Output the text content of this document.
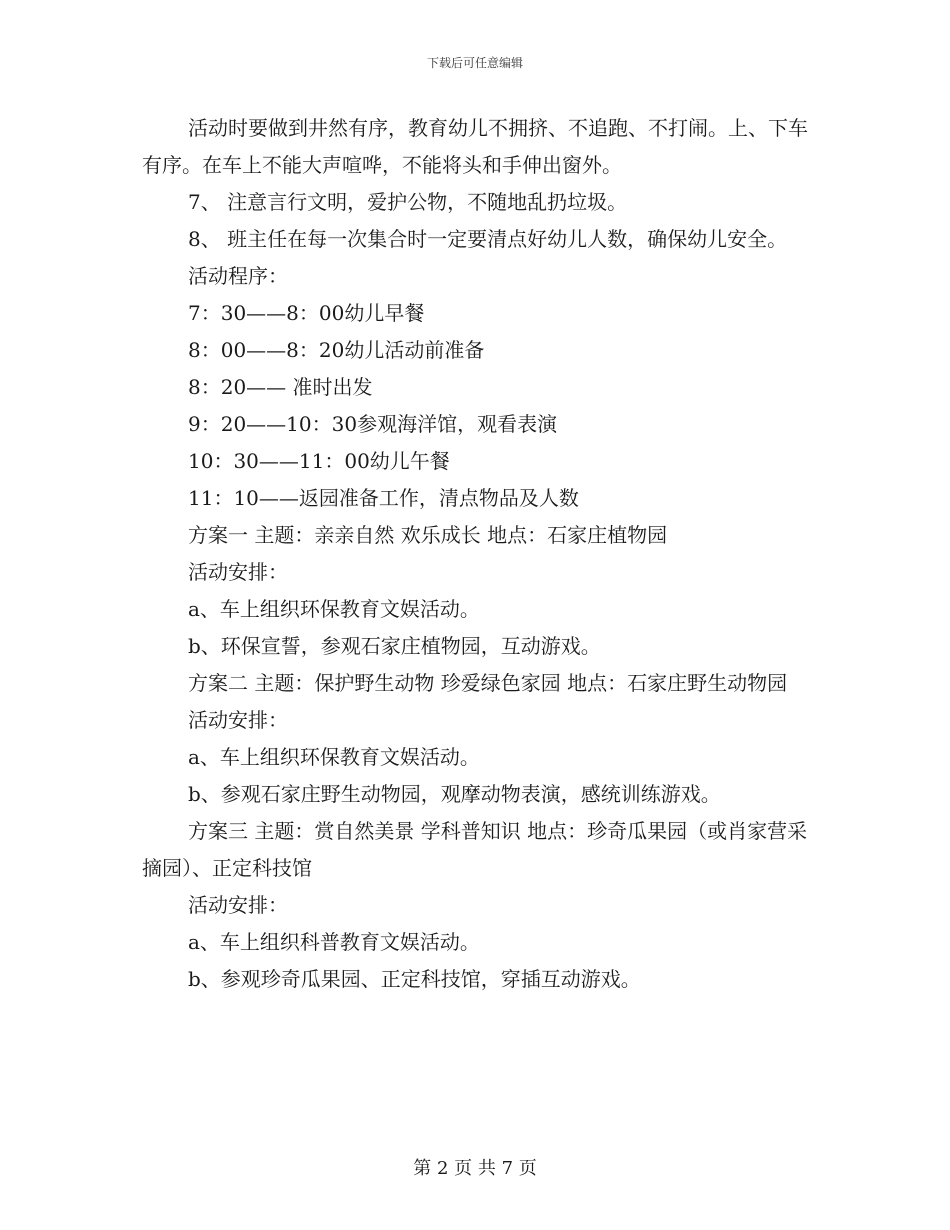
下载后可任意编辑

活动时要做到井然有序，教育幼儿不拥挤、不追跑、不打闹。上、下车有序。在车上不能大声喧哗，不能将头和手伸出窗外。

7、 注意言行文明，爱护公物，不随地乱扔垃圾。

8、 班主任在每一次集合时一定要清点好幼儿人数，确保幼儿安全。

活动程序：

7：30——8：00幼儿早餐

8：00——8：20幼儿活动前准备

8：20—— 准时出发

9：20——10：30参观海洋馆，观看表演

10：30——11：00幼儿午餐

11：10——返园准备工作，清点物品及人数

方案一 主题：亲亲自然 欢乐成长 地点：石家庄植物园

活动安排：

a、车上组织环保教育文娱活动。

b、环保宣誓，参观石家庄植物园，互动游戏。

方案二 主题：保护野生动物 珍爱绿色家园 地点：石家庄野生动物园

活动安排：

a、车上组织环保教育文娱活动。

b、参观石家庄野生动物园，观摩动物表演，感统训练游戏。

方案三 主题：赏自然美景 学科普知识 地点：珍奇瓜果园（或肖家营采摘园）、正定科技馆

活动安排：

a、车上组织科普教育文娱活动。

b、参观珍奇瓜果园、正定科技馆，穿插互动游戏。

第 2 页 共 7 页
